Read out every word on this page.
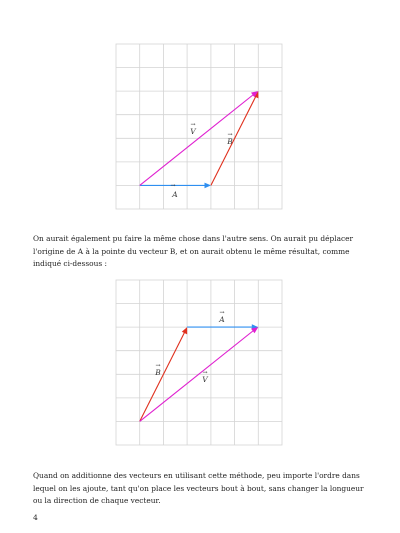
→
A
→
B
→
V

On aurait également pu faire la même chose dans l'autre sens. On aurait pu déplacer l'origine de A à la pointe du vecteur B, et on aurait obtenu le même résultat, comme indiqué ci-dessous :

→
A
→
B	→
V

Quand on additionne des vecteurs en utilisant cette méthode, peu importe l'ordre dans lequel on les ajoute, tant qu'on place les vecteurs bout à bout, sans changer la longueur ou la direction de chaque vecteur.

4
